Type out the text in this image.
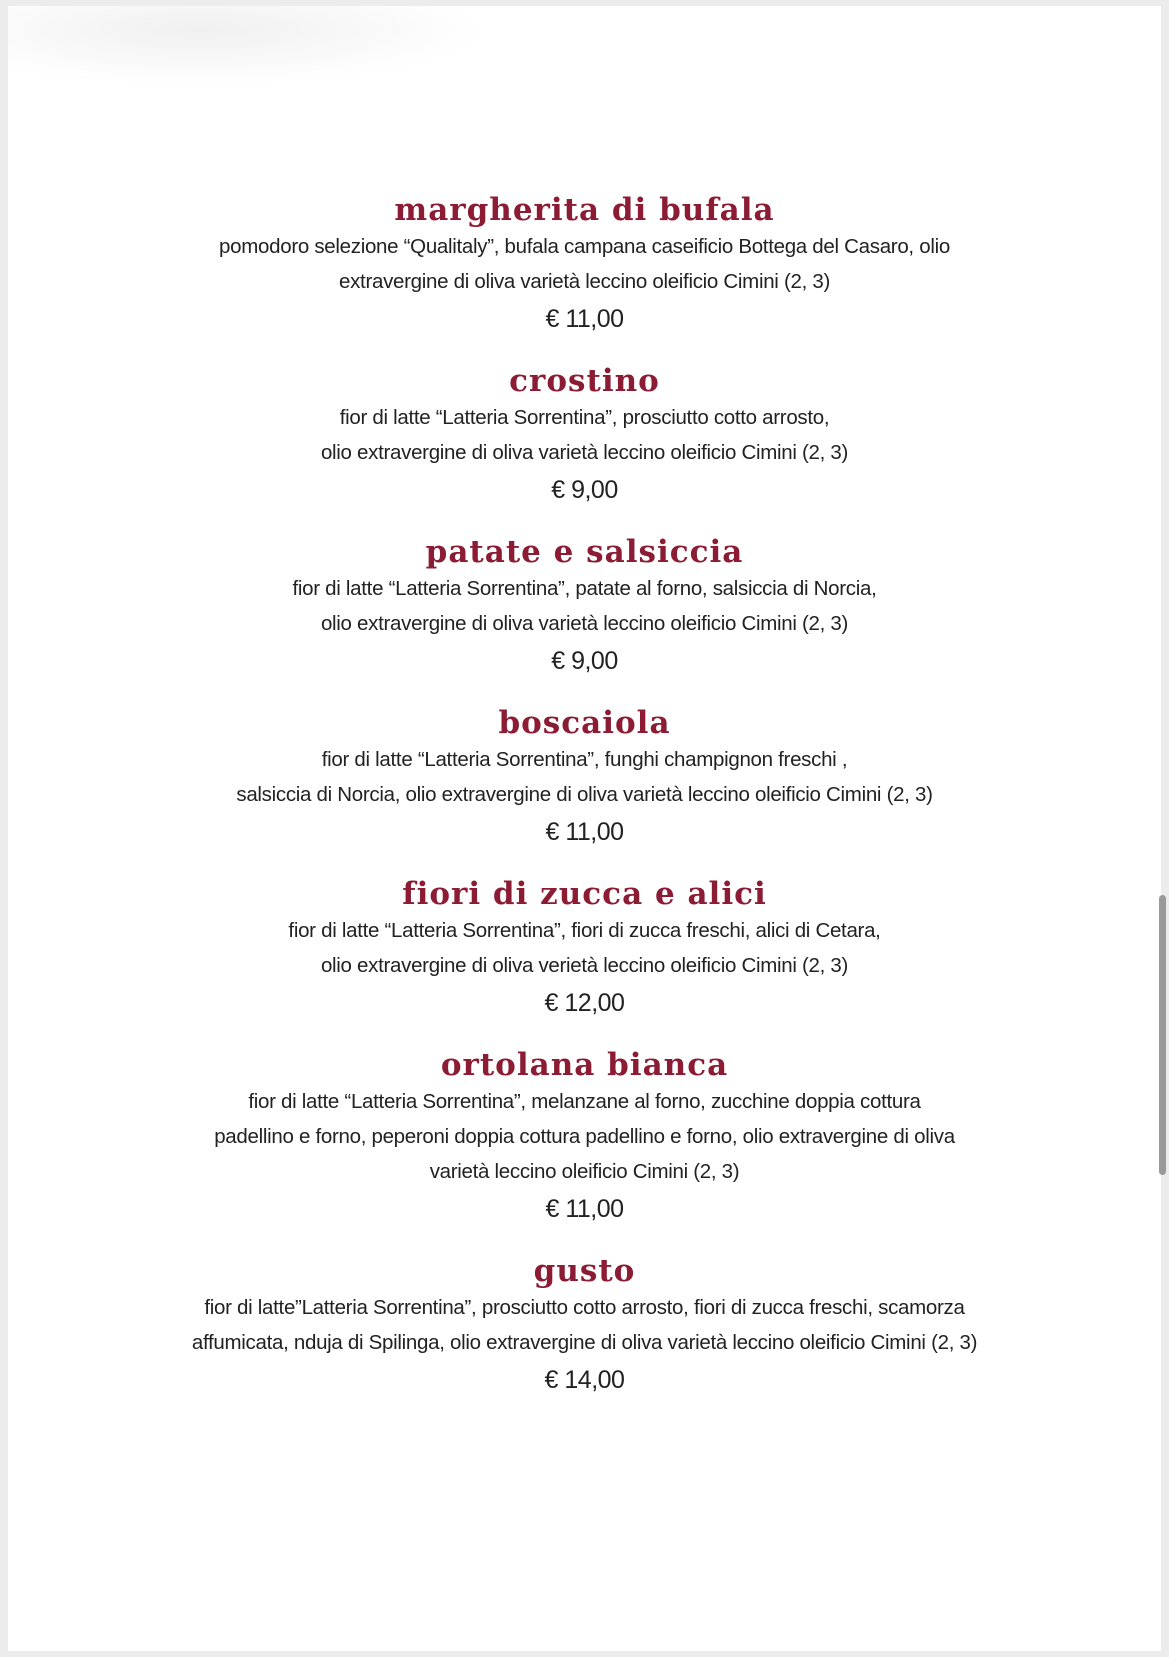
margherita di bufala

pomodoro selezione “Qualitaly”, bufala campana caseificio Bottega del Casaro, olio

extravergine di oliva varietà leccino oleificio Cimini (2, 3)

€ 11,00

crostino

fior di latte “Latteria Sorrentina”, prosciutto cotto arrosto,

olio extravergine di oliva varietà leccino oleificio Cimini (2, 3)

€ 9,00

patate e salsiccia

fior di latte “Latteria Sorrentina”, patate al forno, salsiccia di Norcia,

olio extravergine di oliva varietà leccino oleificio Cimini (2, 3)

€ 9,00

boscaiola

fior di latte “Latteria Sorrentina”, funghi champignon freschi ,

salsiccia di Norcia, olio extravergine di oliva varietà leccino oleificio Cimini (2, 3)

€ 11,00

fiori di zucca e alici

fior di latte “Latteria Sorrentina”, fiori di zucca freschi, alici di Cetara,

olio extravergine di oliva verietà leccino oleificio Cimini (2, 3)

€ 12,00

ortolana bianca

fior di latte “Latteria Sorrentina”, melanzane al forno, zucchine doppia cottura

padellino e forno, peperoni doppia cottura padellino e forno, olio extravergine di oliva

varietà leccino oleificio Cimini (2, 3)

€ 11,00

gusto

fior di latte”Latteria Sorrentina”, prosciutto cotto arrosto, fiori di zucca freschi, scamorza

affumicata, nduja di Spilinga, olio extravergine di oliva varietà leccino oleificio Cimini (2, 3)

€ 14,00
